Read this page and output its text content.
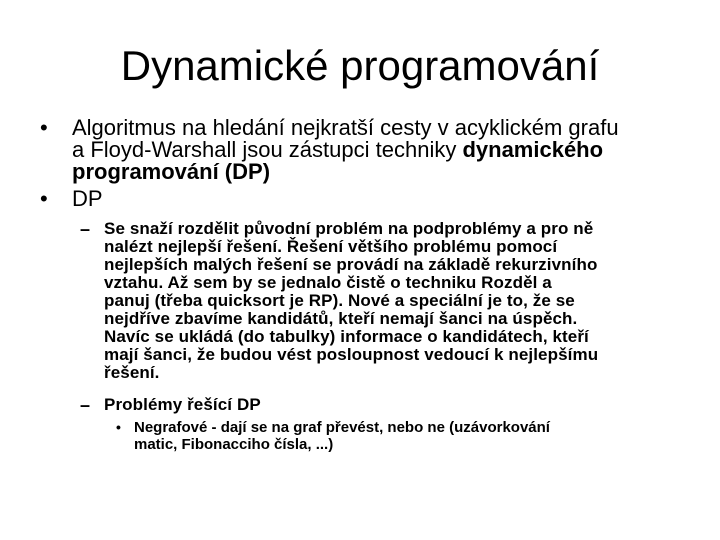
Dynamické programování
• Algoritmus na hledání nejkratší cesty v acyklickém grafu
a Floyd-Warshall jsou zástupci techniky dynamického
programování (DP)
• DP
– Se snaží rozdělit původní problém na podproblémy a pro ně
nalézt nejlepší řešení. Řešení většího problému pomocí
nejlepších malých řešení se provádí na základě rekurzivního
vztahu. Až sem by se jednalo čistě o techniku Rozděl a
panuj (třeba quicksort je RP). Nové a speciální je to, že se
nejdříve zbavíme kandidátů, kteří nemají šanci na úspěch.
Navíc se ukládá (do tabulky) informace o kandidátech, kteří
mají šanci, že budou vést posloupnost vedoucí k nejlepšímu
řešení.
– Problémy řešící DP
• Negrafové - dají se na graf převést, nebo ne (uzávorkování
matic, Fibonacciho čísla, ...)
